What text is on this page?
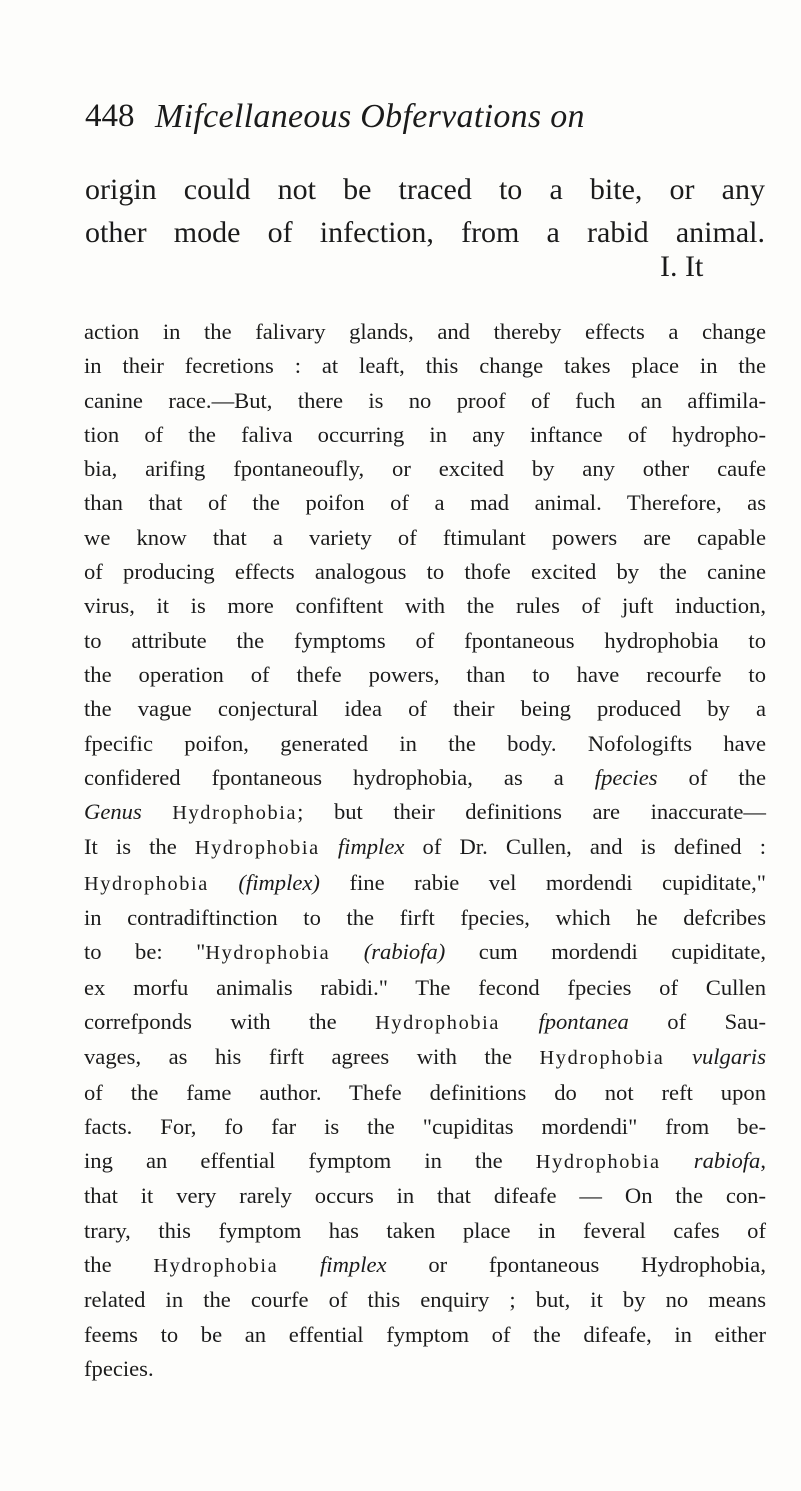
448 Mifcellaneous Obfervations on
origin could not be traced to a bite, or any
other mode of infection, from a rabid animal.
I. It
action in the falivary glands, and thereby effects a change
in their fecretions : at leaft, this change takes place in the
canine race.—But, there is no proof of fuch an affimila-
tion of the faliva occurring in any inftance of hydropho-
bia, arifing fpontaneoufly, or excited by any other caufe
than that of the poifon of a mad animal. Therefore, as
we know that a variety of ftimulant powers are capable
of producing effects analogous to thofe excited by the canine
virus, it is more confiftent with the rules of juft induction,
to attribute the fymptoms of fpontaneous hydrophobia to
the operation of thefe powers, than to have recourfe to
the vague conjectural idea of their being produced by a
fpecific poifon, generated in the body. Nofologifts have
confidered fpontaneous hydrophobia, as a fpecies of the
Genus Hydrophobia; but their definitions are inaccurate—
It is the Hydrophobia fimplex of Dr. Cullen, and is defined :
Hydrophobia (fimplex) fine rabie vel mordendi cupiditate,"
in contradiftinction to the firft fpecies, which he defcribes
to be: "Hydrophobia (rabiofa) cum mordendi cupiditate,
ex morfu animalis rabidi." The fecond fpecies of Cullen
correfponds with the Hydrophobia fpontanea of Sau-
vages, as his firft agrees with the Hydrophobia vulgaris
of the fame author. Thefe definitions do not reft upon
facts. For, fo far is the "cupiditas mordendi" from be-
ing an effential fymptom in the Hydrophobia rabiofa,
that it very rarely occurs in that difeafe — On the con-
trary, this fymptom has taken place in feveral cafes of
the Hydrophobia fimplex or fpontaneous Hydrophobia,
related in the courfe of this enquiry ; but, it by no means
feems to be an effential fymptom of the difeafe, in either
fpecies.
